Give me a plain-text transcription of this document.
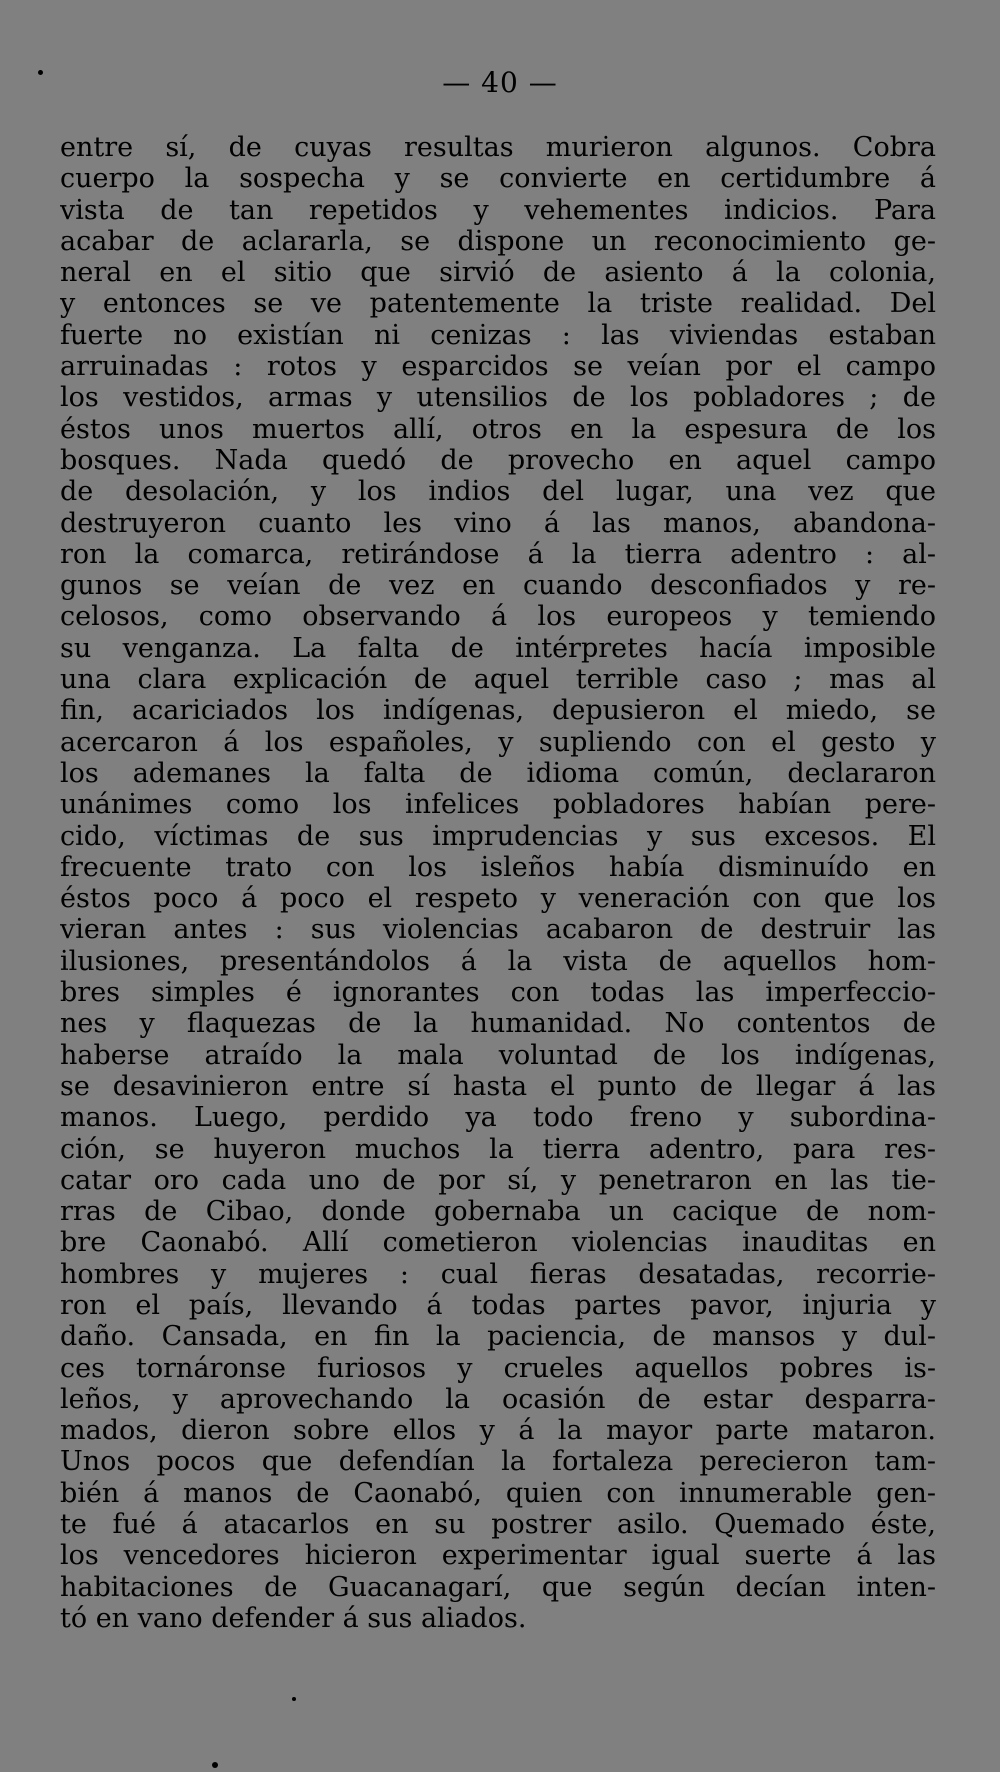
— 40 —
entre sí, de cuyas resultas murieron algunos. Cobra
cuerpo la sospecha y se convierte en certidumbre á
vista de tan repetidos y vehementes indicios. Para
acabar de aclararla, se dispone un reconocimiento ge-
neral en el sitio que sirvió de asiento á la colonia,
y entonces se ve patentemente la triste realidad. Del
fuerte no existían ni cenizas : las viviendas estaban
arruinadas : rotos y esparcidos se veían por el campo
los vestidos, armas y utensilios de los pobladores ; de
éstos unos muertos allí, otros en la espesura de los
bosques. Nada quedó de provecho en aquel campo
de desolación, y los indios del lugar, una vez que
destruyeron cuanto les vino á las manos, abandona-
ron la comarca, retirándose á la tierra adentro : al-
gunos se veían de vez en cuando desconfiados y re-
celosos, como observando á los europeos y temiendo
su venganza. La falta de intérpretes hacía imposible
una clara explicación de aquel terrible caso ; mas al
fin, acariciados los indígenas, depusieron el miedo, se
acercaron á los españoles, y supliendo con el gesto y
los ademanes la falta de idioma común, declararon
unánimes como los infelices pobladores habían pere-
cido, víctimas de sus imprudencias y sus excesos. El
frecuente trato con los isleños había disminuído en
éstos poco á poco el respeto y veneración con que los
vieran antes : sus violencias acabaron de destruir las
ilusiones, presentándolos á la vista de aquellos hom-
bres simples é ignorantes con todas las imperfeccio-
nes y flaquezas de la humanidad. No contentos de
haberse atraído la mala voluntad de los indígenas,
se desavinieron entre sí hasta el punto de llegar á las
manos. Luego, perdido ya todo freno y subordina-
ción, se huyeron muchos la tierra adentro, para res-
catar oro cada uno de por sí, y penetraron en las tie-
rras de Cibao, donde gobernaba un cacique de nom-
bre Caonabó. Allí cometieron violencias inauditas en
hombres y mujeres : cual fieras desatadas, recorrie-
ron el país, llevando á todas partes pavor, injuria y
daño. Cansada, en fin la paciencia, de mansos y dul-
ces tornáronse furiosos y crueles aquellos pobres is-
leños, y aprovechando la ocasión de estar desparra-
mados, dieron sobre ellos y á la mayor parte mataron.
Unos pocos que defendían la fortaleza perecieron tam-
bién á manos de Caonabó, quien con innumerable gen-
te fué á atacarlos en su postrer asilo. Quemado éste,
los vencedores hicieron experimentar igual suerte á las
habitaciones de Guacanagarí, que según decían inten-
tó en vano defender á sus aliados.
